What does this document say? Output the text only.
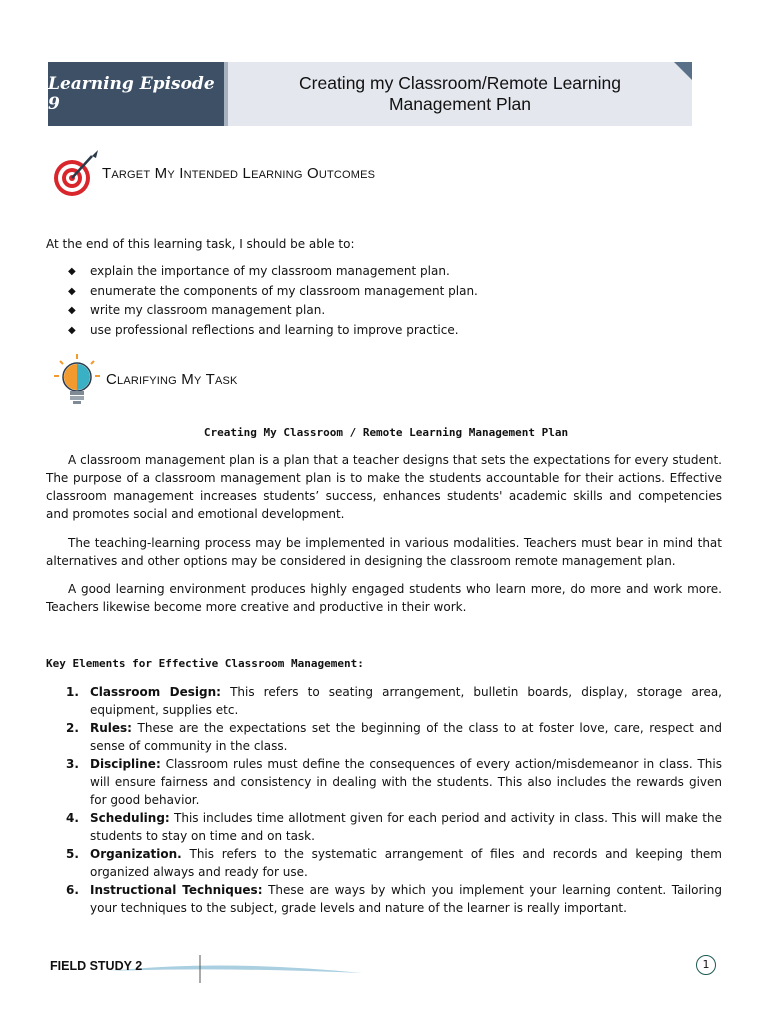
Learning Episode 9
Creating my Classroom/Remote Learning Management Plan
Target My Intended Learning Outcomes
At the end of this learning task, I should be able to:
◆ explain the importance of my classroom management plan.
◆ enumerate the components of my classroom management plan.
◆ write my classroom management plan.
◆ use professional reflections and learning to improve practice.
Clarifying My Task
Creating My Classroom / Remote Learning Management Plan
A classroom management plan is a plan that a teacher designs that sets the expectations for every student. The purpose of a classroom management plan is to make the students accountable for their actions. Effective classroom management increases students’ success, enhances students' academic skills and competencies and promotes social and emotional development.
The teaching-learning process may be implemented in various modalities. Teachers must bear in mind that alternatives and other options may be considered in designing the classroom remote management plan.
A good learning environment produces highly engaged students who learn more, do more and work more. Teachers likewise become more creative and productive in their work.
Key Elements for Effective Classroom Management:
1. Classroom Design: This refers to seating arrangement, bulletin boards, display, storage area, equipment, supplies etc.
2. Rules: These are the expectations set the beginning of the class to at foster love, care, respect and sense of community in the class.
3. Discipline: Classroom rules must define the consequences of every action/misdemeanor in class. This will ensure fairness and consistency in dealing with the students. This also includes the rewards given for good behavior.
4. Scheduling: This includes time allotment given for each period and activity in class. This will make the students to stay on time and on task.
5. Organization. This refers to the systematic arrangement of files and records and keeping them organized always and ready for use.
6. Instructional Techniques: These are ways by which you implement your learning content. Tailoring your techniques to the subject, grade levels and nature of the learner is really important.
FIELD STUDY 2	1
